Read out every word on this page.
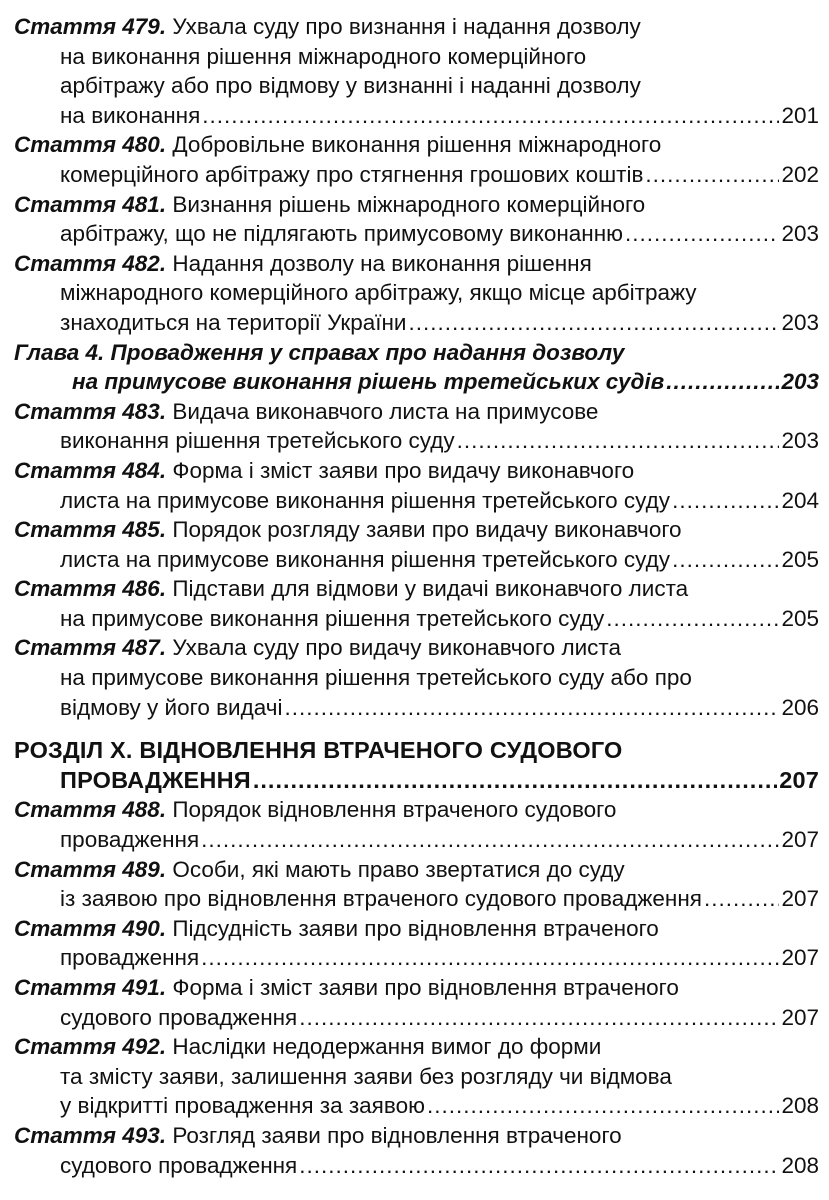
Стаття 479.
Ухвала суду про визнання і надання дозволу
на виконання рішення міжнародного комерційного
арбітражу або про відмову у визнанні і наданні дозволу
на виконання .....	201
Стаття 480.
Добровільне виконання рішення міжнародного
комерційного арбітражу про стягнення грошових коштів .....	202
Стаття 481.
Визнання рішень міжнародного комерційного
арбітражу, що не підлягають примусовому виконанню .....	203
Стаття 482.
Надання дозволу на виконання рішення
міжнародного комерційного арбітражу, якщо місце арбітражу
знаходиться на території України .....	203
Глава 4. Провадження у справах про надання дозволу
на примусове виконання рішень третейських судів .....	203
Стаття 483.
Видача виконавчого листа на примусове
виконання рішення третейського суду .....	203
Стаття 484.
Форма і зміст заяви про видачу виконавчого
листа на примусове виконання рішення третейського суду .....	204
Стаття 485.
Порядок розгляду заяви про видачу виконавчого
листа на примусове виконання рішення третейського суду .....	205
Стаття 486.
Підстави для відмови у видачі виконавчого листа
на примусове виконання рішення третейського суду .....	205
Стаття 487.
Ухвала суду про видачу виконавчого листа
на примусове виконання рішення третейського суду або про
відмову у його видачі .....	206
РОЗДІЛ X. ВІДНОВЛЕННЯ ВТРАЧЕНОГО СУДОВОГО
ПРОВАДЖЕННЯ .....	207
Стаття 488.
Порядок відновлення втраченого судового
провадження .....	207
Стаття 489.
Особи, які мають право звертатися до суду
із заявою про відновлення втраченого судового провадження .....	207
Стаття 490.
Підсудність заяви про відновлення втраченого
провадження .....	207
Стаття 491.
Форма і зміст заяви про відновлення втраченого
судового провадження .....	207
Стаття 492.
Наслідки недодержання вимог до форми
та змісту заяви, залишення заяви без розгляду чи відмова
у відкритті провадження за заявою .....	208
Стаття 493.
Розгляд заяви про відновлення втраченого
судового провадження .....	208
